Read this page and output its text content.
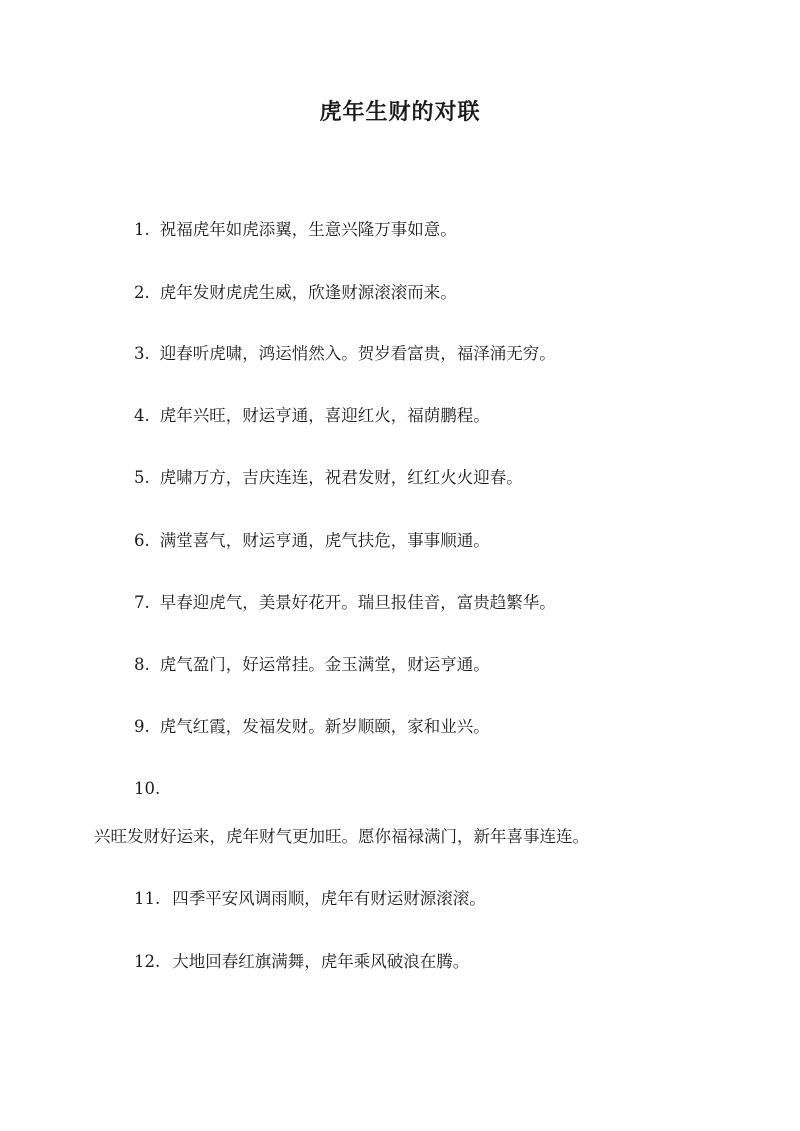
虎年生财的对联
1. 祝福虎年如虎添翼，生意兴隆万事如意。
2. 虎年发财虎虎生威，欣逢财源滚滚而来。
3. 迎春听虎啸，鸿运悄然入。贺岁看富贵，福泽涌无穷。
4. 虎年兴旺，财运亨通，喜迎红火，福荫鹏程。
5. 虎啸万方，吉庆连连，祝君发财，红红火火迎春。
6. 满堂喜气，财运亨通，虎气扶危，事事顺通。
7. 早春迎虎气，美景好花开。瑞旦报佳音，富贵趋繁华。
8. 虎气盈门，好运常挂。金玉满堂，财运亨通。
9. 虎气红霞，发福发财。新岁顺颐，家和业兴。
10.
兴旺发财好运来，虎年财气更加旺。愿你福禄满门，新年喜事连连。
11. 四季平安风调雨顺，虎年有财运财源滚滚。
12. 大地回春红旗满舞，虎年乘风破浪在腾。
